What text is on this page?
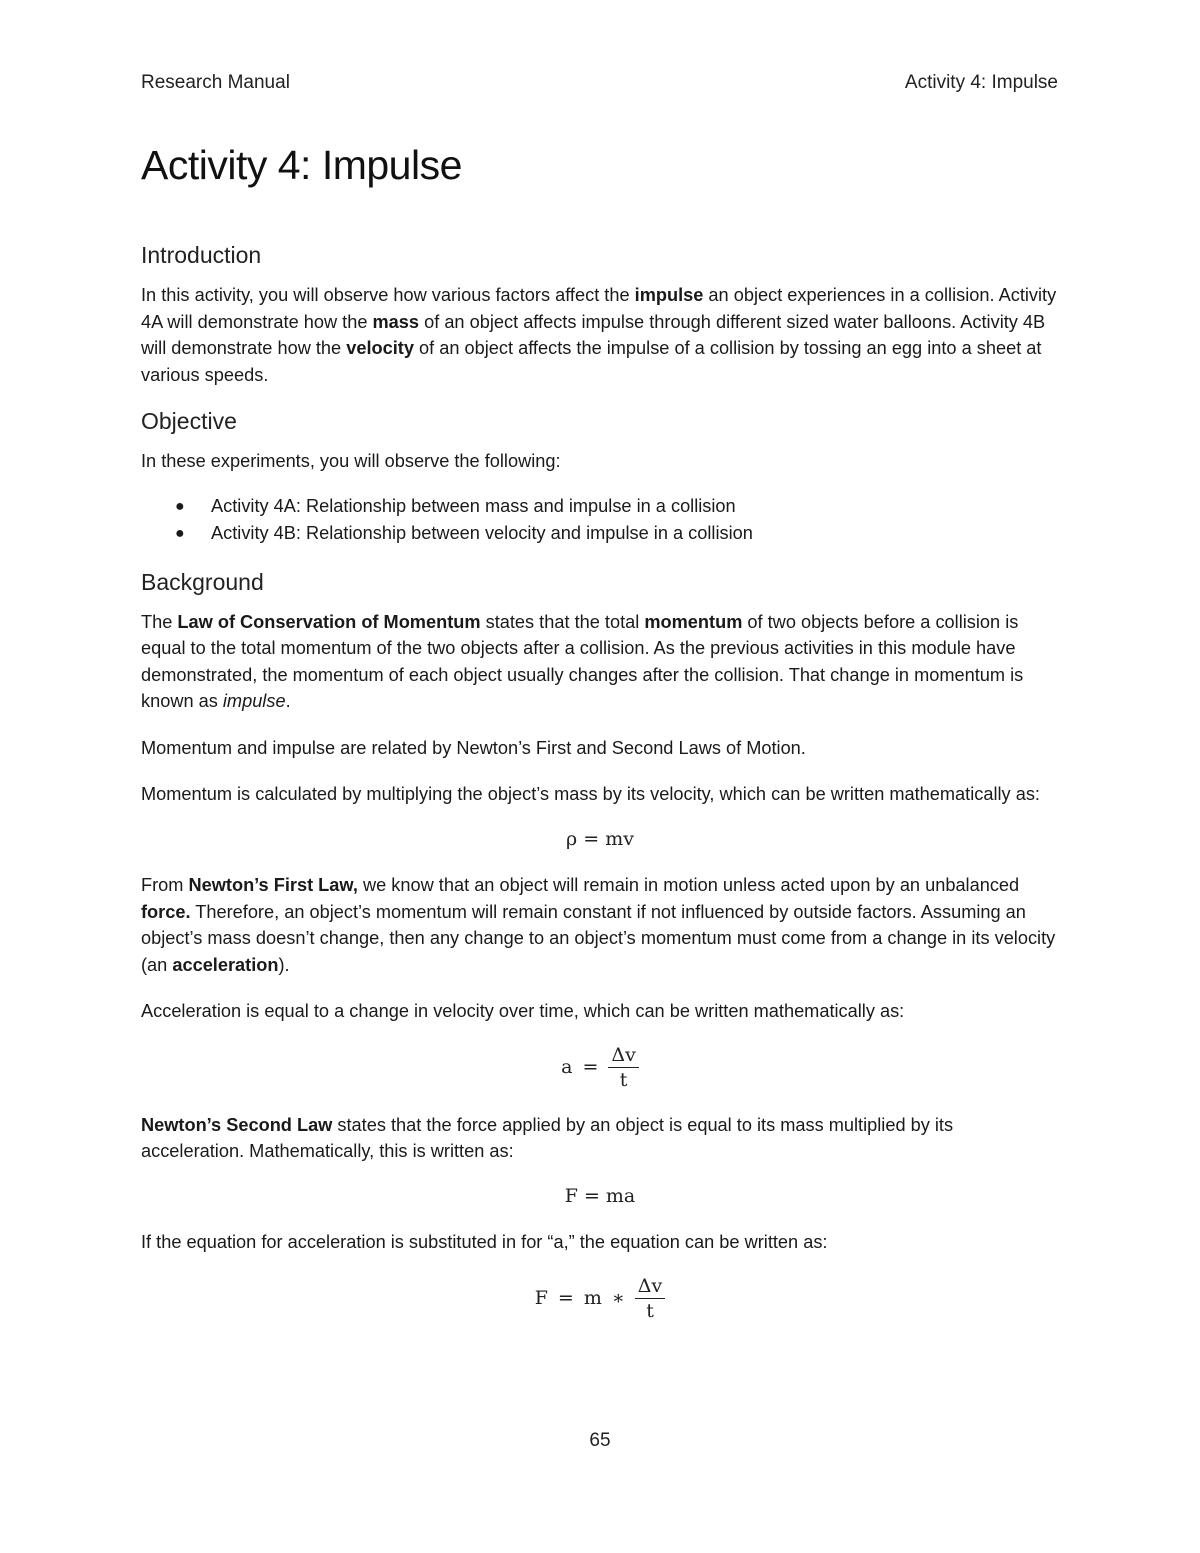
Research Manual	Activity 4: Impulse
Activity 4: Impulse
Introduction

In this activity, you will observe how various factors affect the impulse an object experiences in a collision. Activity 4A will demonstrate how the mass of an object affects impulse through different sized water balloons. Activity 4B will demonstrate how the velocity of an object affects the impulse of a collision by tossing an egg into a sheet at various speeds.

Objective

In these experiments, you will observe the following:

● Activity 4A: Relationship between mass and impulse in a collision
● Activity 4B: Relationship between velocity and impulse in a collision
Background

The Law of Conservation of Momentum states that the total momentum of two objects before a collision is equal to the total momentum of the two objects after a collision. As the previous activities in this module have demonstrated, the momentum of each object usually changes after the collision. That change in momentum is known as impulse.

Momentum and impulse are related by Newton’s First and Second Laws of Motion.

Momentum is calculated by multiplying the object’s mass by its velocity, which can be written mathematically as:

ρ = mv

From Newton’s First Law, we know that an object will remain in motion unless acted upon by an unbalanced force. Therefore, an object’s momentum will remain constant if not influenced by outside factors. Assuming an object’s mass doesn’t change, then any change to an object’s momentum must come from a change in its velocity (an acceleration).

Acceleration is equal to a change in velocity over time, which can be written mathematically as:

$a = \frac{\Delta v}{t}$

Newton’s Second Law states that the force applied by an object is equal to its mass multiplied by its acceleration. Mathematically, this is written as:

F = ma

If the equation for acceleration is substituted in for “a,” the equation can be written as:

F = m ∗ $\frac{\Delta v}{t}$
65
